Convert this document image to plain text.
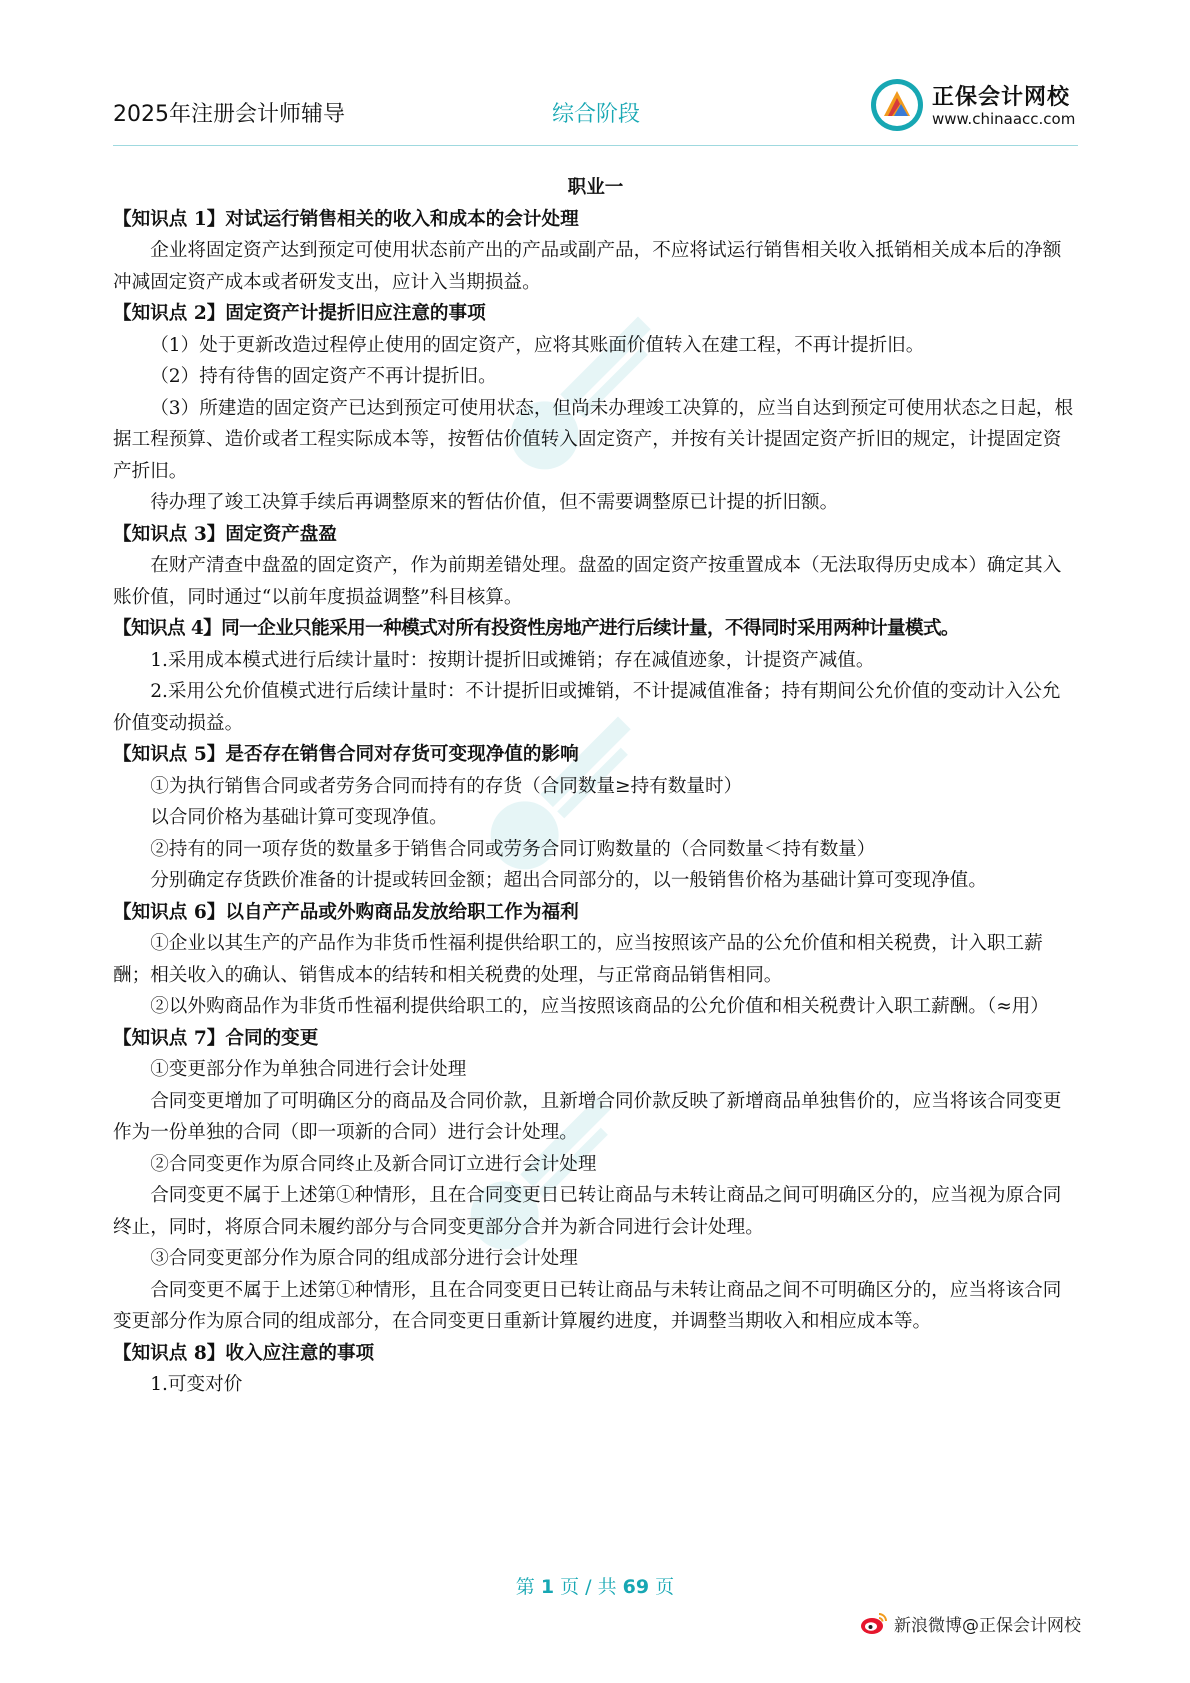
2025年注册会计师辅导	综合阶段
正保会计网校
www.chinaacc.com

职业一

【知识点 1】对试运行销售相关的收入和成本的会计处理

企业将固定资产达到预定可使用状态前产出的产品或副产品，不应将试运行销售相关收入抵销相关成本后的净额冲减固定资产成本或者研发支出，应计入当期损益。

【知识点 2】固定资产计提折旧应注意的事项

（1）处于更新改造过程停止使用的固定资产，应将其账面价值转入在建工程，不再计提折旧。

（2）持有待售的固定资产不再计提折旧。

（3）所建造的固定资产已达到预定可使用状态，但尚未办理竣工决算的，应当自达到预定可使用状态之日起，根据工程预算、造价或者工程实际成本等，按暂估价值转入固定资产，并按有关计提固定资产折旧的规定，计提固定资产折旧。

待办理了竣工决算手续后再调整原来的暂估价值，但不需要调整原已计提的折旧额。

【知识点 3】固定资产盘盈

在财产清查中盘盈的固定资产，作为前期差错处理。盘盈的固定资产按重置成本（无法取得历史成本）确定其入账价值，同时通过“以前年度损益调整”科目核算。

【知识点 4】同一企业只能采用一种模式对所有投资性房地产进行后续计量，不得同时采用两种计量模式。

1.采用成本模式进行后续计量时：按期计提折旧或摊销；存在减值迹象，计提资产减值。

2.采用公允价值模式进行后续计量时：不计提折旧或摊销，不计提减值准备；持有期间公允价值的变动计入公允价值变动损益。

【知识点 5】是否存在销售合同对存货可变现净值的影响

①为执行销售合同或者劳务合同而持有的存货（合同数量≥持有数量时）

以合同价格为基础计算可变现净值。

②持有的同一项存货的数量多于销售合同或劳务合同订购数量的（合同数量＜持有数量）

分别确定存货跌价准备的计提或转回金额；超出合同部分的，以一般销售价格为基础计算可变现净值。

【知识点 6】以自产产品或外购商品发放给职工作为福利

①企业以其生产的产品作为非货币性福利提供给职工的，应当按照该产品的公允价值和相关税费，计入职工薪酬；相关收入的确认、销售成本的结转和相关税费的处理，与正常商品销售相同。

②以外购商品作为非货币性福利提供给职工的，应当按照该商品的公允价值和相关税费计入职工薪酬。（≈用）

【知识点 7】合同的变更

①变更部分作为单独合同进行会计处理

合同变更增加了可明确区分的商品及合同价款，且新增合同价款反映了新增商品单独售价的，应当将该合同变更作为一份单独的合同（即一项新的合同）进行会计处理。

②合同变更作为原合同终止及新合同订立进行会计处理

合同变更不属于上述第①种情形，且在合同变更日已转让商品与未转让商品之间可明确区分的，应当视为原合同终止，同时，将原合同未履约部分与合同变更部分合并为新合同进行会计处理。

③合同变更部分作为原合同的组成部分进行会计处理

合同变更不属于上述第①种情形，且在合同变更日已转让商品与未转让商品之间不可明确区分的，应当将该合同变更部分作为原合同的组成部分，在合同变更日重新计算履约进度，并调整当期收入和相应成本等。

【知识点 8】收入应注意的事项

1.可变对价

第 1 页 / 共 69 页
新浪微博@正保会计网校
